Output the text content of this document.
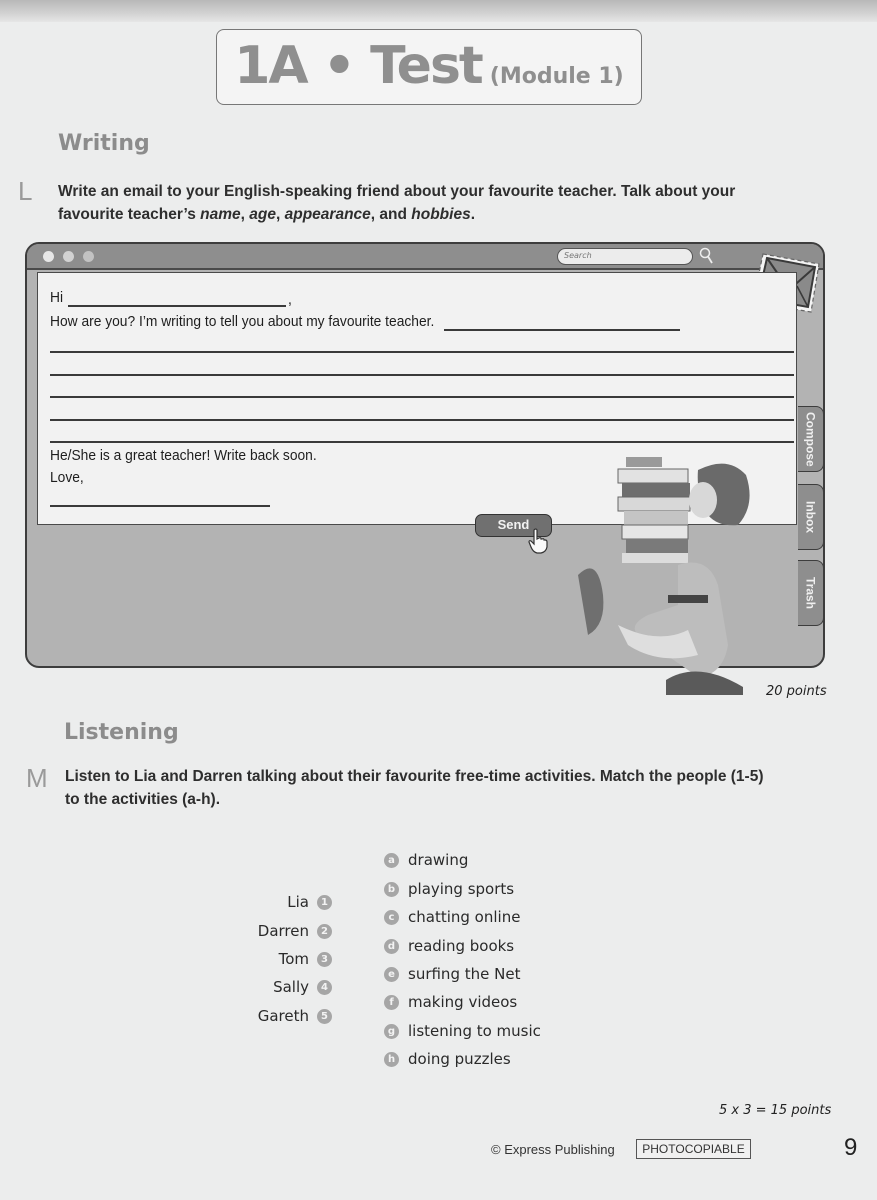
1A • Test (Module 1)
Writing
L Write an email to your English-speaking friend about your favourite teacher. Talk about your
favourite teacher’s name, age, appearance, and hobbies.
Search
Hi	,
How are you? I’m writing to tell you about my favourite teacher.
He/She is a great teacher! Write back soon.
Love,
Send
Compose
Inbox
Trash
20 points
Listening
M Listen to Lia and Darren talking about their favourite free-time activities. Match the people (1-5)
to the activities (a-h).
Lia	1
Darren	2
Tom	3
Sally	4
Gareth	5
a drawing
b playing sports
c chatting online
d reading books
e surfing the Net
f making videos
g listening to music
h doing puzzles
5 x 3 = 15 points
© Express Publishing	PHOTOCOPIABLE	9
